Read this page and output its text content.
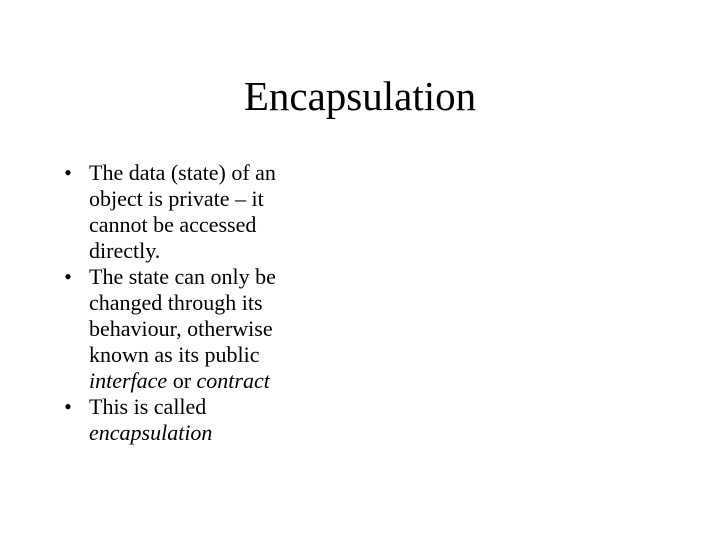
Encapsulation
• The data (state) of an object is private – it cannot be accessed directly.
• The state can only be changed through its behaviour, otherwise known as its public interface or contract
• This is called encapsulation
